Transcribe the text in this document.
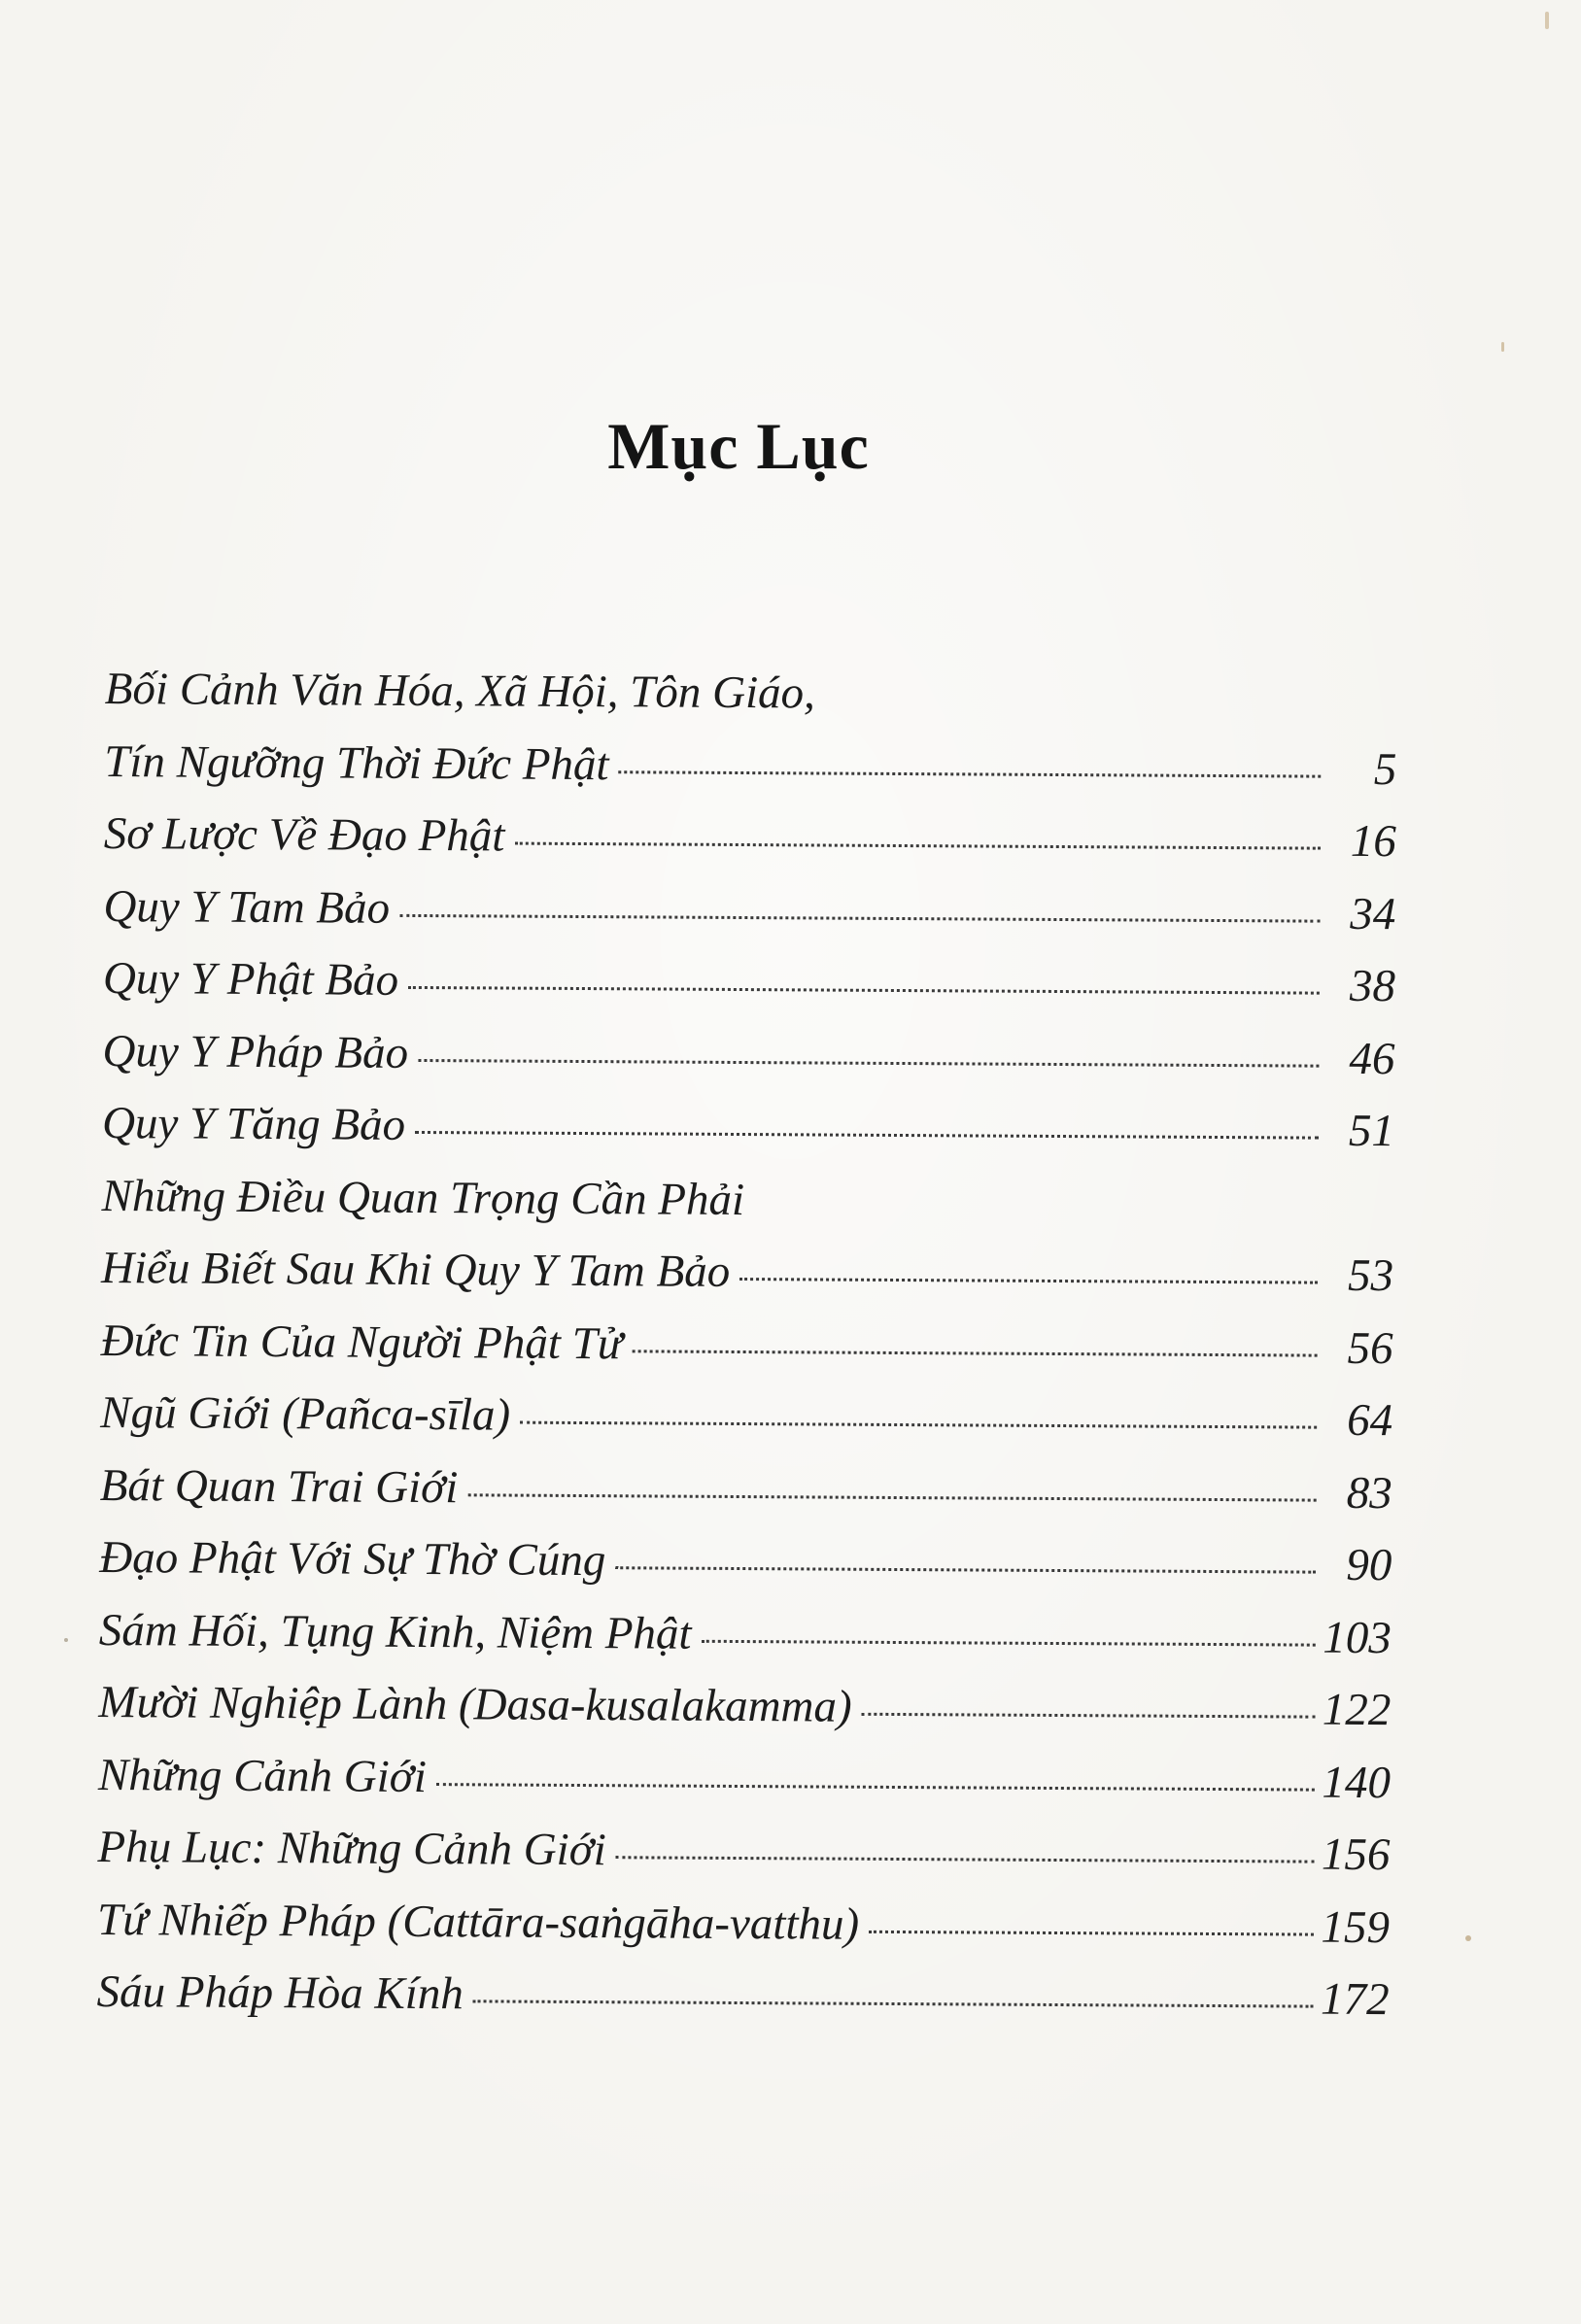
Mục Lục
Bối Cảnh Văn Hóa, Xã Hội, Tôn Giáo,
Tín Ngưỡng Thời Đức Phật	5
Sơ Lược Về Đạo Phật	16
Quy Y Tam Bảo	34
Quy Y Phật Bảo	38
Quy Y Pháp Bảo	46
Quy Y Tăng Bảo	51
Những Điều Quan Trọng Cần Phải
Hiểu Biết Sau Khi Quy Y Tam Bảo	53
Đức Tin Của Người Phật Tử	56
Ngũ Giới (Pañca-sīla)	64
Bát Quan Trai Giới	83
Đạo Phật Với Sự Thờ Cúng	90
Sám Hối, Tụng Kinh, Niệm Phật	103
Mười Nghiệp Lành (Dasa-kusalakamma)	122
Những Cảnh Giới	140
Phụ Lục: Những Cảnh Giới	156
Tứ Nhiếp Pháp (Cattāra-saṅgāha-vatthu)	159
Sáu Pháp Hòa Kính	172
